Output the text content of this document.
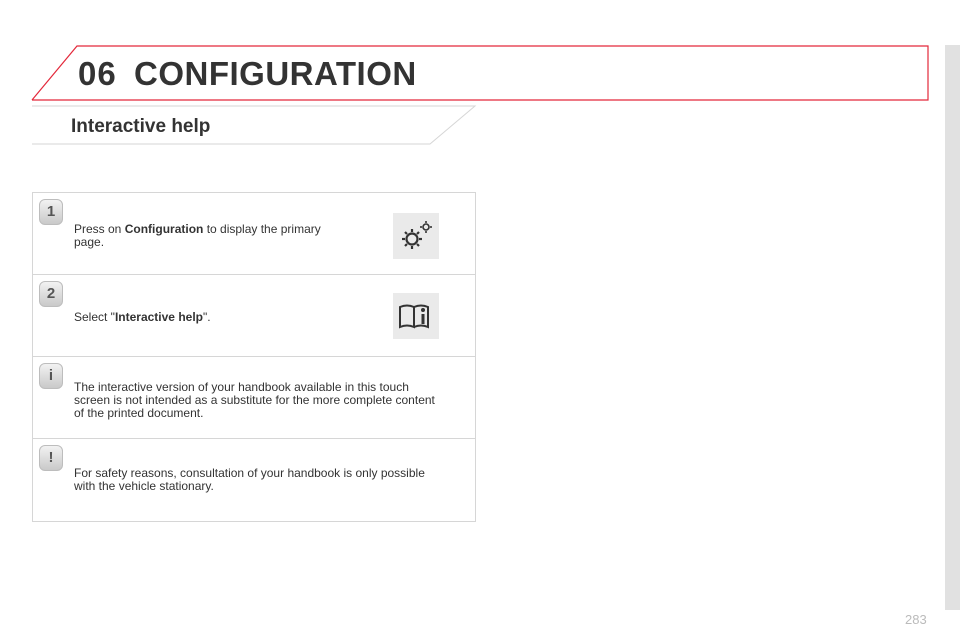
06 CONFIGURATION
Interactive help
1
Press on Configuration to display the primary
page.
2
Select "Interactive help".
i
The interactive version of your handbook available in this touch
screen is not intended as a substitute for the more complete content
of the printed document.
!
For safety reasons, consultation of your handbook is only possible
with the vehicle stationary.
283
